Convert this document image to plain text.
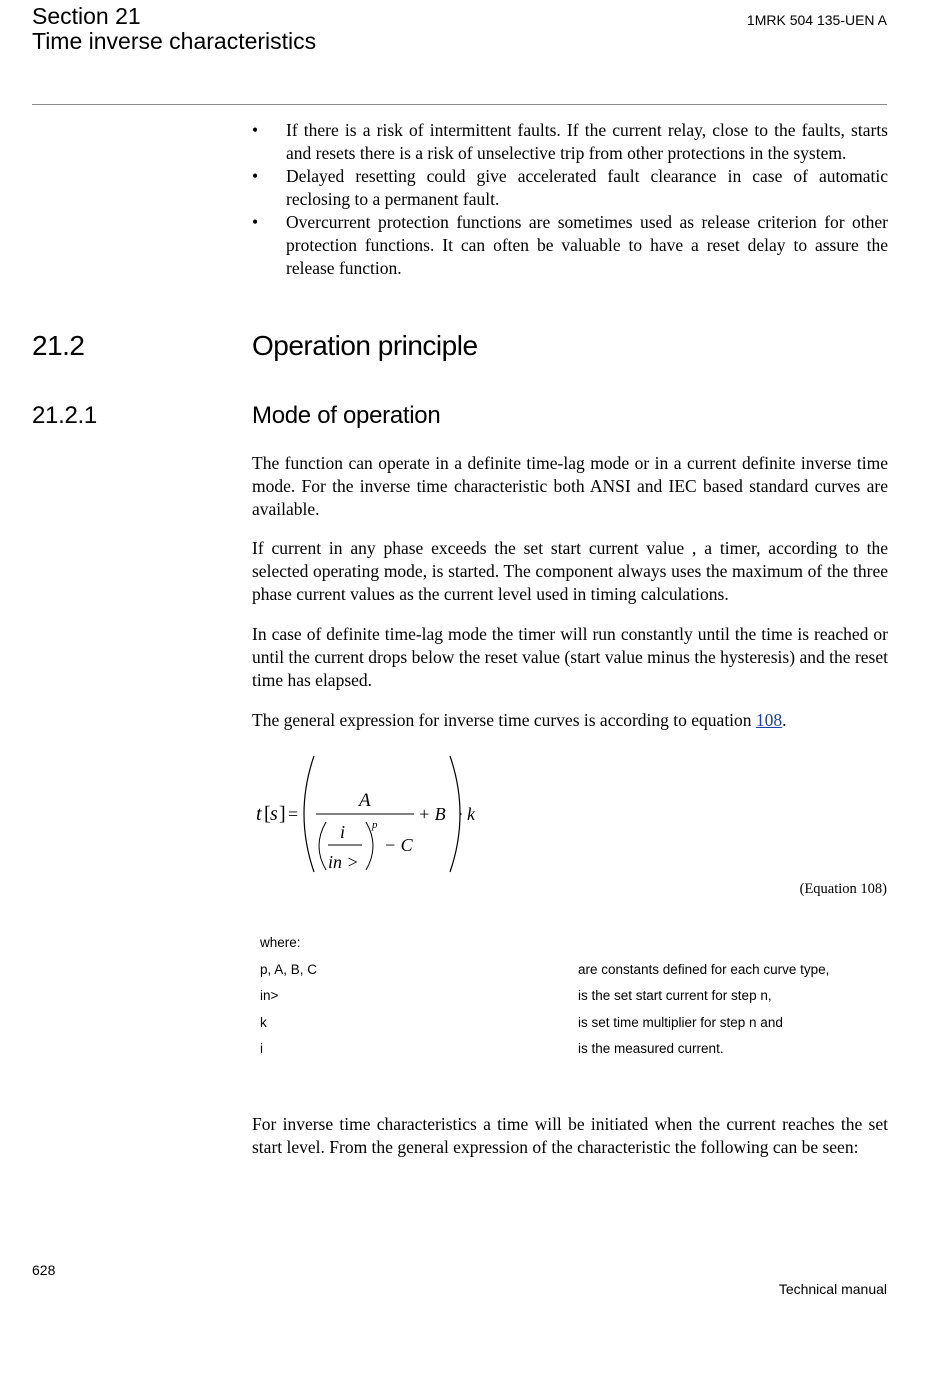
Section 21
Time inverse characteristics
1MRK 504 135-UEN A
• If there is a risk of intermittent faults. If the current relay, close to the faults, starts and resets there is a risk of unselective trip from other protections in the system.
• Delayed resetting could give accelerated fault clearance in case of automatic reclosing to a permanent fault.
• Overcurrent protection functions are sometimes used as release criterion for other protection functions. It can often be valuable to have a reset delay to assure the release function.
21.2	Operation principle
21.2.1	Mode of operation

The function can operate in a definite time-lag mode or in a current definite inverse time mode. For the inverse time characteristic both ANSI and IEC based standard curves are available.

If current in any phase exceeds the set start current value , a timer, according to the selected operating mode, is started. The component always uses the maximum of the three phase current values as the current level used in timing calculations.

In case of definite time-lag mode the timer will run constantly until the time is reached or until the current drops below the reset value (start value minus the hysteresis) and the reset time has elapsed.

The general expression for inverse time curves is according to equation 108.

t [ s ] =
A
i
in >
p
− C
+ B · k
(Equation 108)
where:
p, A, B, C	are constants defined for each curve type,
in>	is the set start current for step n,
k	is set time multiplier for step n and
i	is the measured current.

For inverse time characteristics a time will be initiated when the current reaches the set start level. From the general expression of the characteristic the following can be seen:

628
Technical manual
